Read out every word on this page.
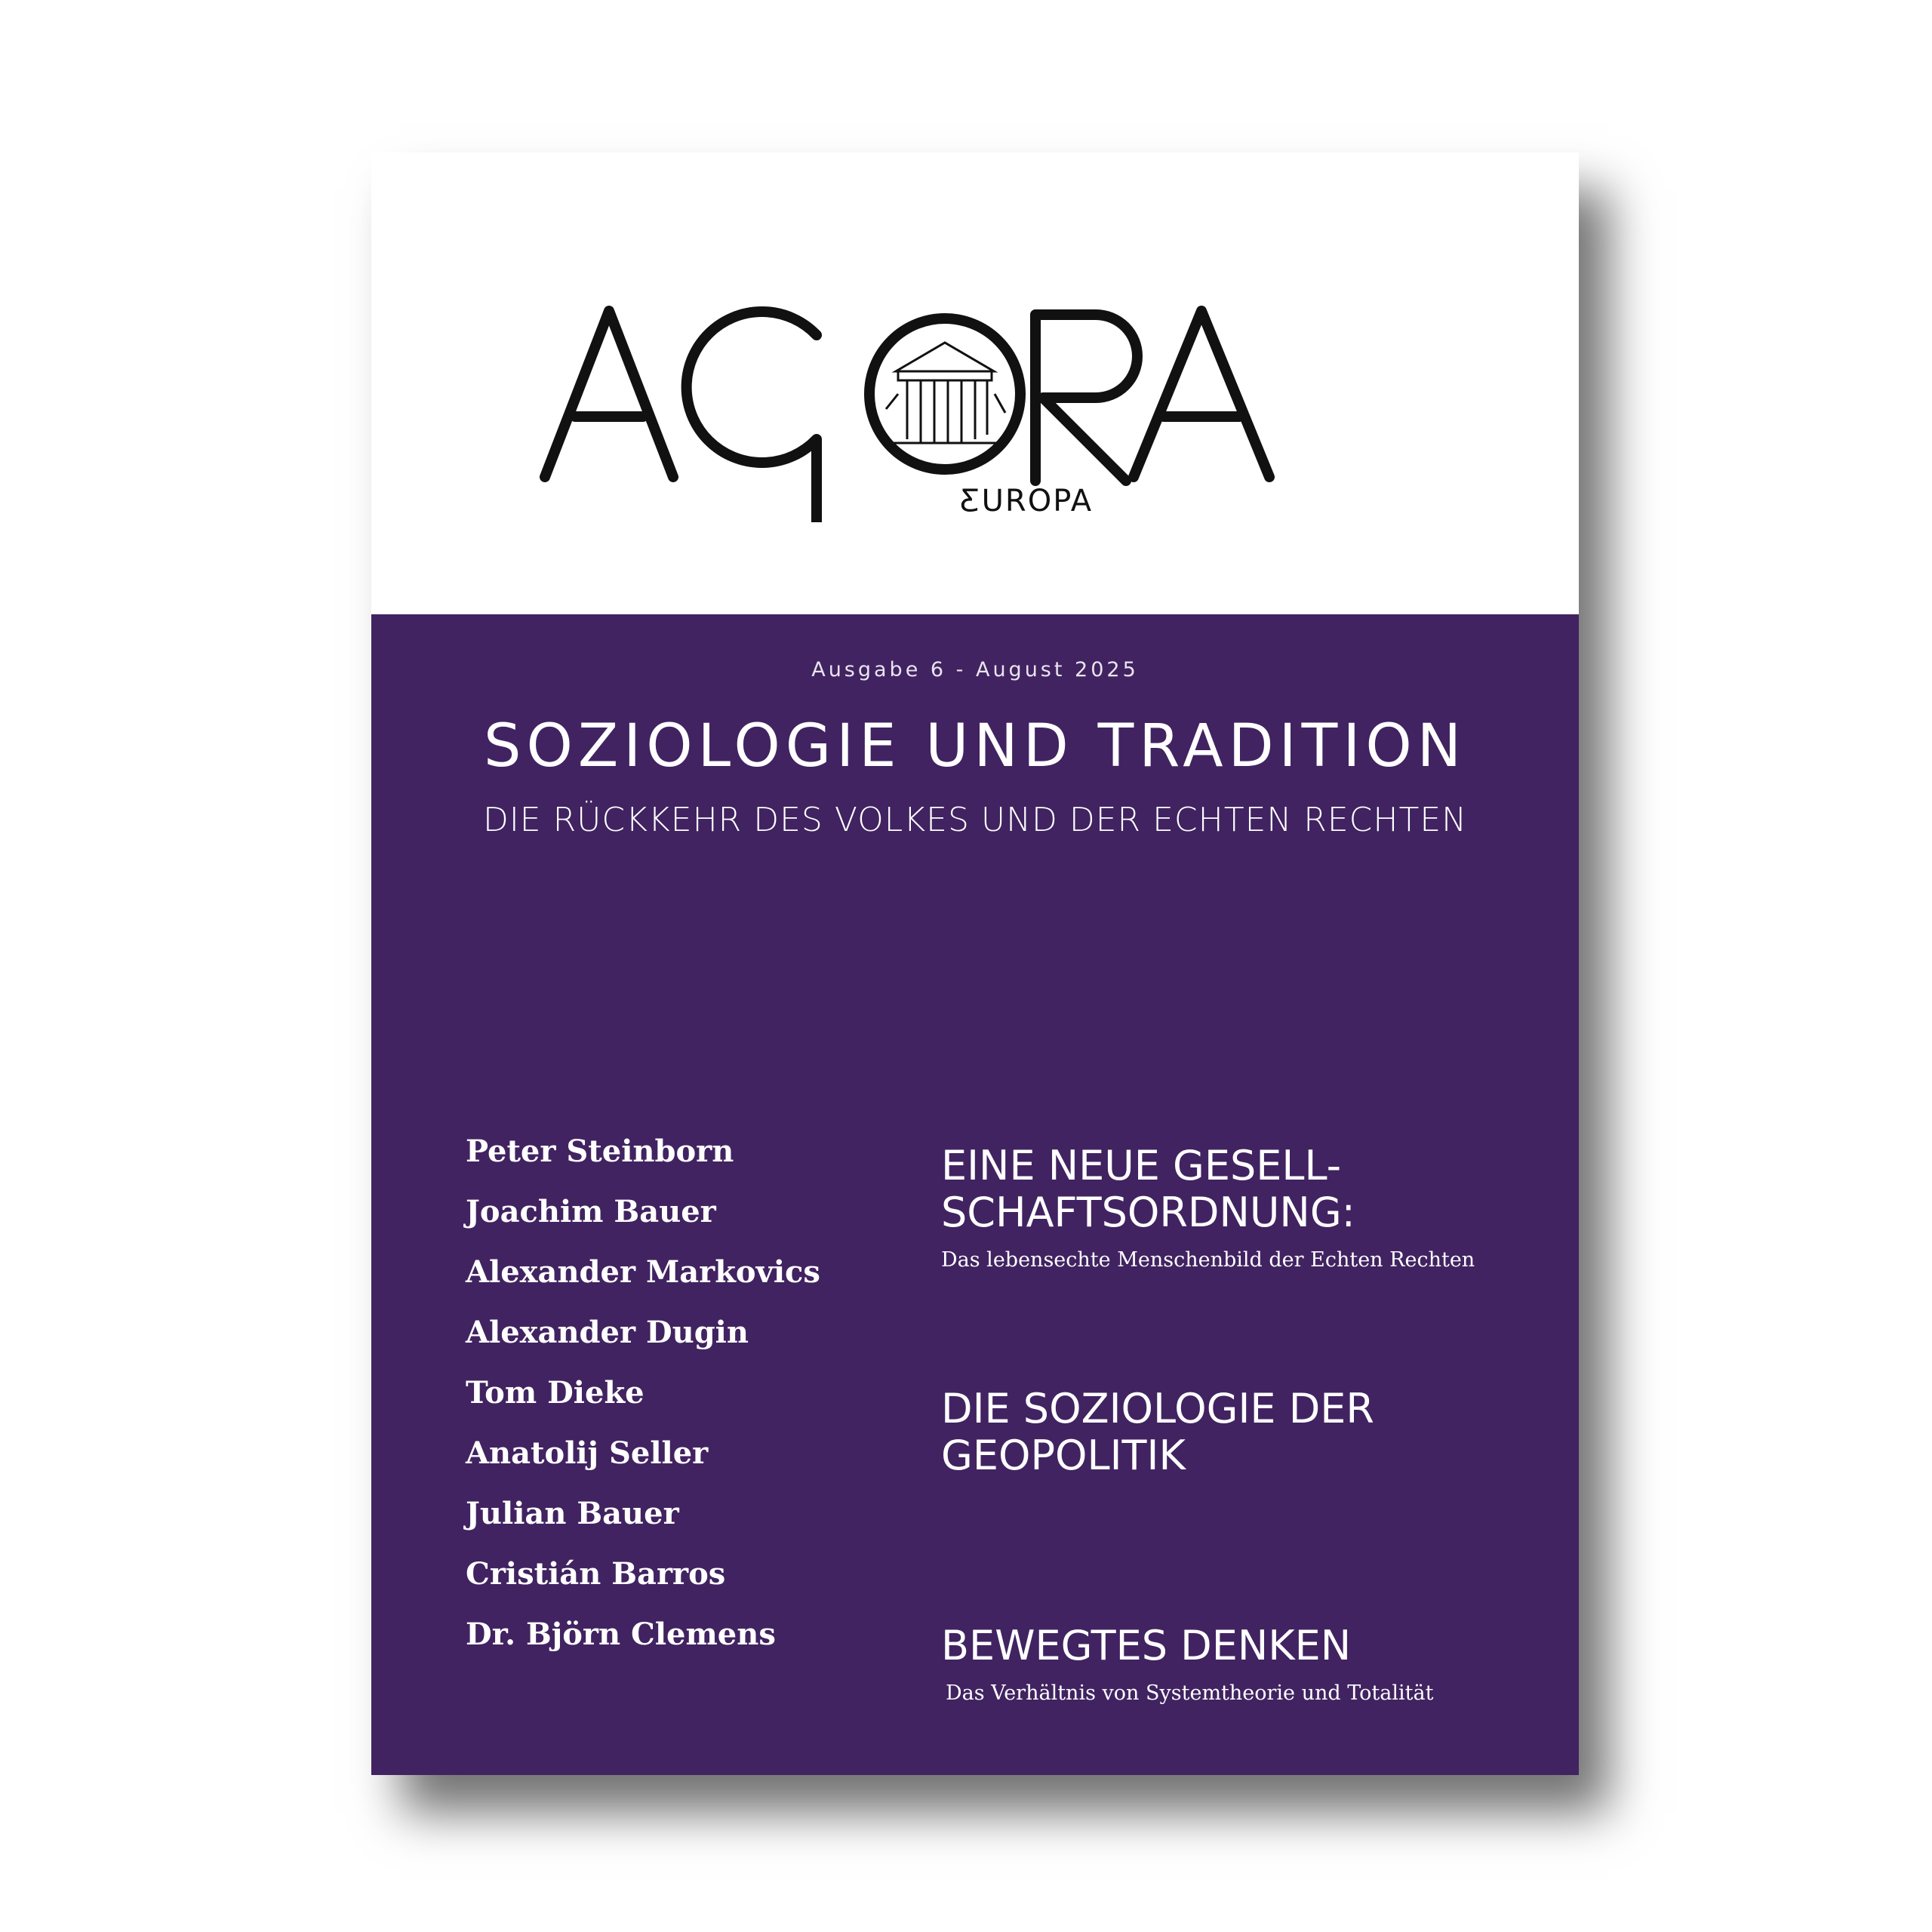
ƸUROPA
Ausgabe 6 - August 2025
SOZIOLOGIE UND TRADITION
DIE RÜCKKEHR DES VOLKES UND DER ECHTEN RECHTEN
Peter Steinborn
Joachim Bauer
Alexander Markovics
Alexander Dugin
Tom Dieke
Anatolij Seller
Julian Bauer
Cristián Barros
Dr. Björn Clemens
EINE NEUE GESELL-
SCHAFTSORDNUNG:
Das lebensechte Menschenbild der Echten Rechten
DIE SOZIOLOGIE DER
GEOPOLITIK
BEWEGTES DENKEN
Das Verhältnis von Systemtheorie und Totalität
